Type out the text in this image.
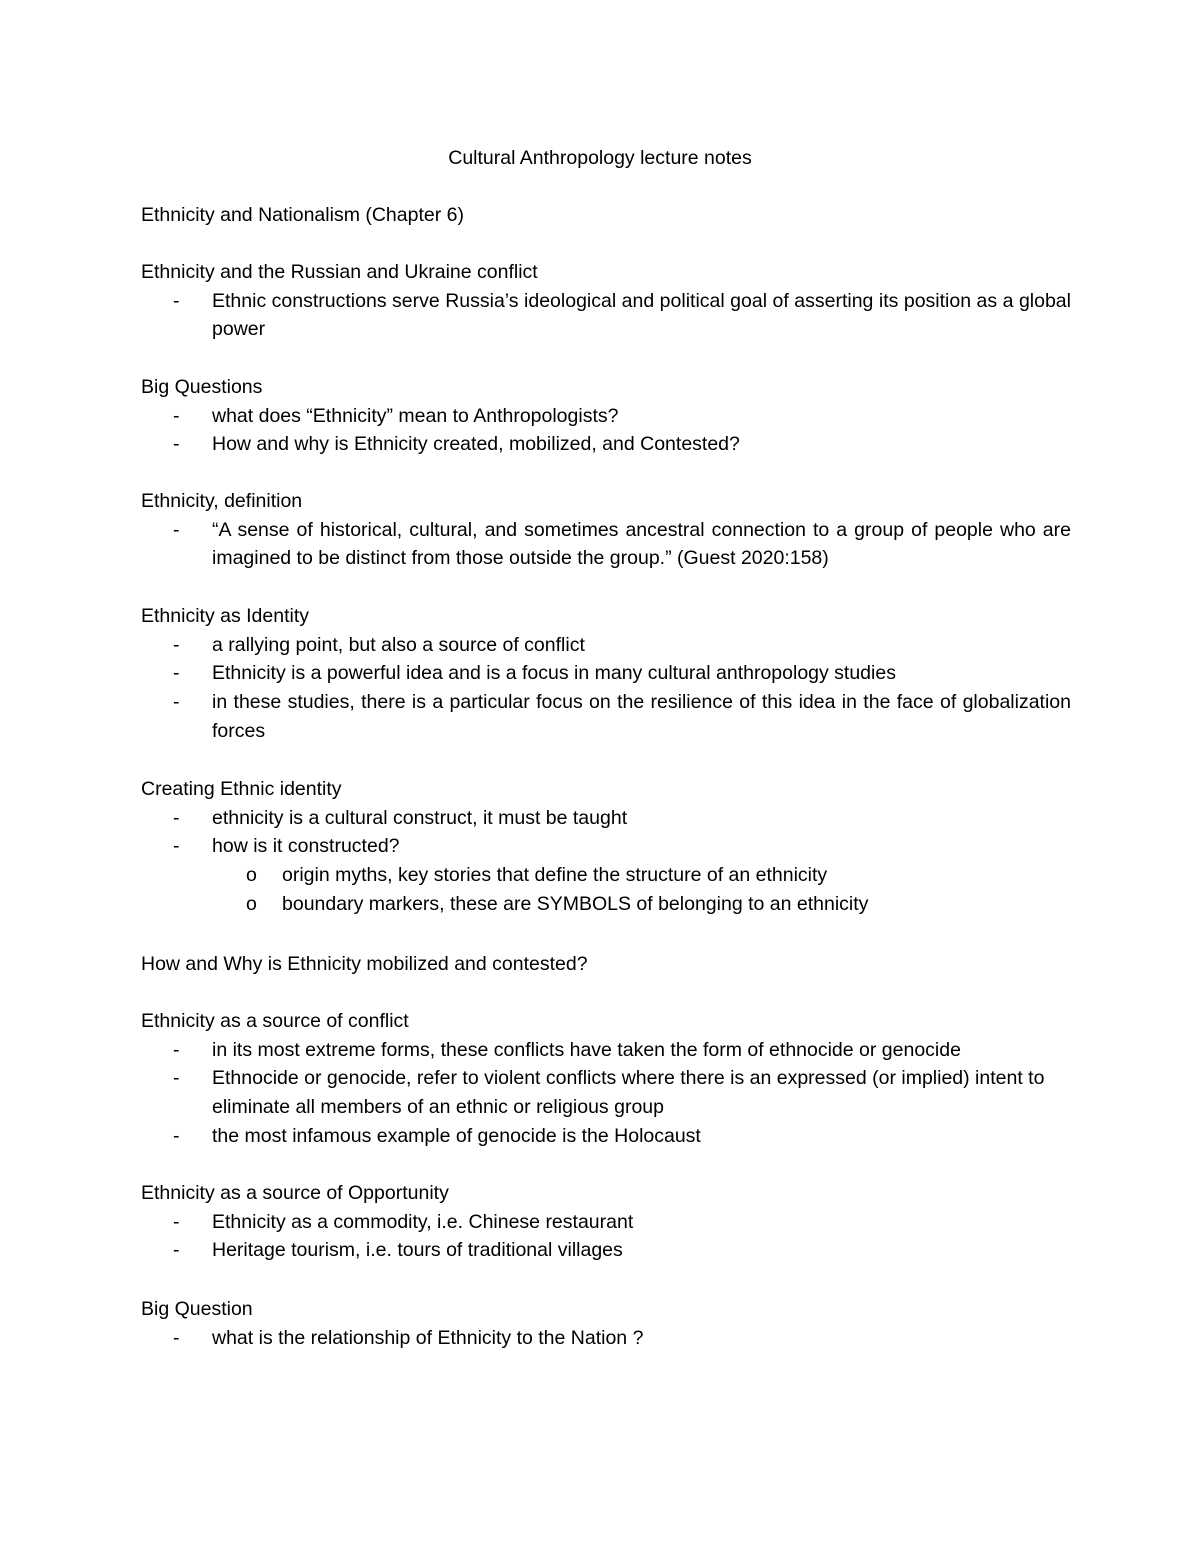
Cultural Anthropology lecture notes
Ethnicity and Nationalism (Chapter 6)
Ethnicity and the Russian and Ukraine conflict
- Ethnic constructions serve Russia’s ideological and political goal of asserting its position as a global power
Big Questions
- what does “Ethnicity” mean to Anthropologists?
- How and why is Ethnicity created, mobilized, and Contested?
Ethnicity, definition
- “A sense of historical, cultural, and sometimes ancestral connection to a group of people who are imagined to be distinct from those outside the group.” (Guest 2020:158)
Ethnicity as Identity
- a rallying point, but also a source of conflict
- Ethnicity is a powerful idea and is a focus in many cultural anthropology studies
- in these studies, there is a particular focus on the resilience of this idea in the face of globalization forces
Creating Ethnic identity
- ethnicity is a cultural construct, it must be taught
- how is it constructed?
o origin myths, key stories that define the structure of an ethnicity
o boundary markers, these are SYMBOLS of belonging to an ethnicity
How and Why is Ethnicity mobilized and contested?
Ethnicity as a source of conflict
- in its most extreme forms, these conflicts have taken the form of ethnocide or genocide
- Ethnocide or genocide, refer to violent conflicts where there is an expressed (or implied) intent to eliminate all members of an ethnic or religious group
- the most infamous example of genocide is the Holocaust
Ethnicity as a source of Opportunity
- Ethnicity as a commodity, i.e. Chinese restaurant
- Heritage tourism, i.e. tours of traditional villages
Big Question
- what is the relationship of Ethnicity to the Nation ?
